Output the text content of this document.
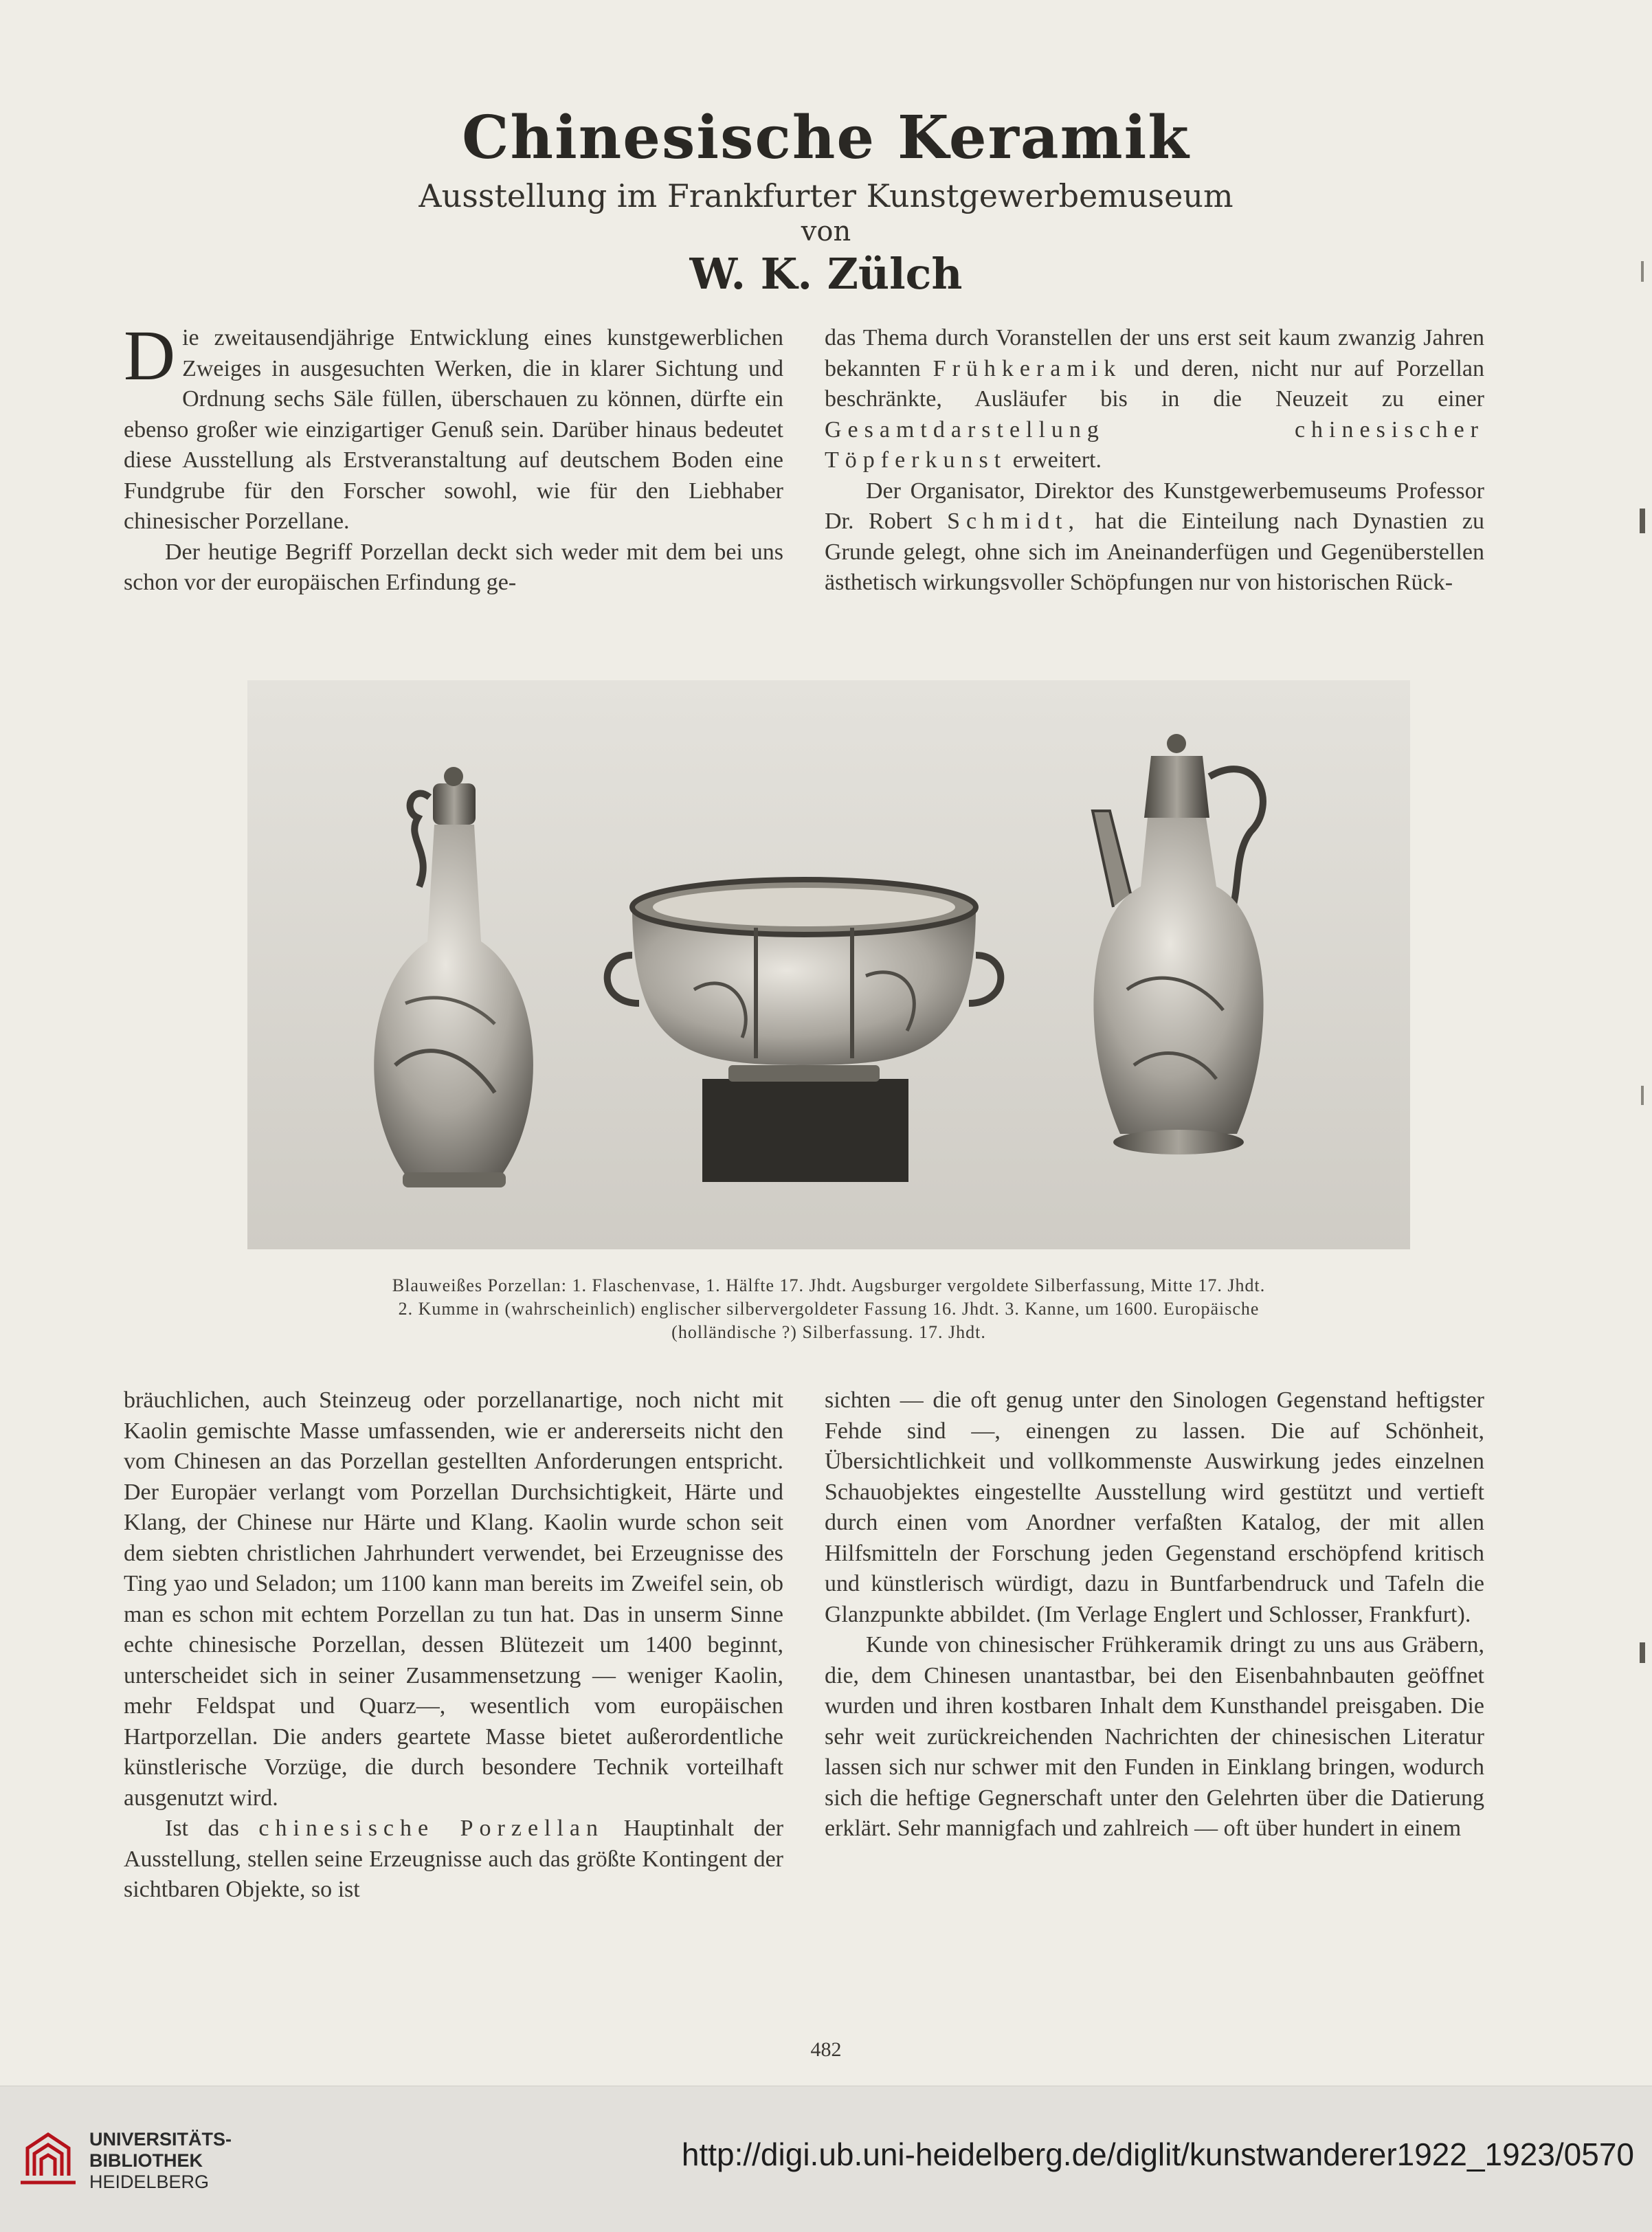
Chinesische Keramik
Ausstellung im Frankfurter Kunstgewerbemuseum
von
W. K. Zülch

Die zweitausendjährige Entwicklung eines kunstgewerblichen Zweiges in ausgesuchten Werken, die in klarer Sichtung und Ordnung sechs Säle füllen, überschauen zu können, dürfte ein ebenso großer wie einzigartiger Genuß sein. Darüber hinaus bedeutet diese Ausstellung als Erstveranstaltung auf deutschem Boden eine Fundgrube für den Forscher sowohl, wie für den Liebhaber chinesischer Porzellane.

Der heutige Begriff Porzellan deckt sich weder mit dem bei uns schon vor der europäischen Erfindung ge-

das Thema durch Voranstellen der uns erst seit kaum zwanzig Jahren bekannten Frühkeramik und deren, nicht nur auf Porzellan beschränkte, Ausläufer bis in die Neuzeit zu einer Gesamtdarstellung chinesischer Töpferkunst erweitert.

Der Organisator, Direktor des Kunstgewerbemuseums Professor Dr. Robert Schmidt, hat die Einteilung nach Dynastien zu Grunde gelegt, ohne sich im Aneinanderfügen und Gegenüberstellen ästhetisch wirkungsvoller Schöpfungen nur von historischen Rück-

Blauweißes Porzellan: 1. Flaschenvase, 1. Hälfte 17. Jhdt. Augsburger vergoldete Silberfassung, Mitte 17. Jhdt.
2. Kumme in (wahrscheinlich) englischer silbervergoldeter Fassung 16. Jhdt. 3. Kanne, um 1600. Europäische
(holländische ?) Silberfassung. 17. Jhdt.

bräuchlichen, auch Steinzeug oder porzellanartige, noch nicht mit Kaolin gemischte Masse umfassenden, wie er andererseits nicht den vom Chinesen an das Porzellan gestellten Anforderungen entspricht. Der Europäer verlangt vom Porzellan Durchsichtigkeit, Härte und Klang, der Chinese nur Härte und Klang. Kaolin wurde schon seit dem siebten christlichen Jahrhundert verwendet, bei Erzeugnisse des Ting yao und Seladon; um 1100 kann man bereits im Zweifel sein, ob man es schon mit echtem Porzellan zu tun hat. Das in unserm Sinne echte chinesische Porzellan, dessen Blütezeit um 1400 beginnt, unterscheidet sich in seiner Zusammensetzung — weniger Kaolin, mehr Feldspat und Quarz—, wesentlich vom europäischen Hartporzellan. Die anders geartete Masse bietet außerordentliche künstlerische Vorzüge, die durch besondere Technik vorteilhaft ausgenutzt wird.

Ist das chinesische Porzellan Hauptinhalt der Ausstellung, stellen seine Erzeugnisse auch das größte Kontingent der sichtbaren Objekte, so ist

sichten — die oft genug unter den Sinologen Gegenstand heftigster Fehde sind —, einengen zu lassen. Die auf Schönheit, Übersichtlichkeit und vollkommenste Auswirkung jedes einzelnen Schauobjektes eingestellte Ausstellung wird gestützt und vertieft durch einen vom Anordner verfaßten Katalog, der mit allen Hilfsmitteln der Forschung jeden Gegenstand erschöpfend kritisch und künstlerisch würdigt, dazu in Buntfarbendruck und Tafeln die Glanzpunkte abbildet. (Im Verlage Englert und Schlosser, Frankfurt).

Kunde von chinesischer Frühkeramik dringt zu uns aus Gräbern, die, dem Chinesen unantastbar, bei den Eisenbahnbauten geöffnet wurden und ihren kostbaren Inhalt dem Kunsthandel preisgaben. Die sehr weit zurückreichenden Nachrichten der chinesischen Literatur lassen sich nur schwer mit den Funden in Einklang bringen, wodurch sich die heftige Gegnerschaft unter den Gelehrten über die Datierung erklärt. Sehr mannigfach und zahlreich — oft über hundert in einem

482
UNIVERSITÄTS-
BIBLIOTHEK
HEIDELBERG
http://digi.ub.uni-heidelberg.de/diglit/kunstwanderer1922_1923/0570
